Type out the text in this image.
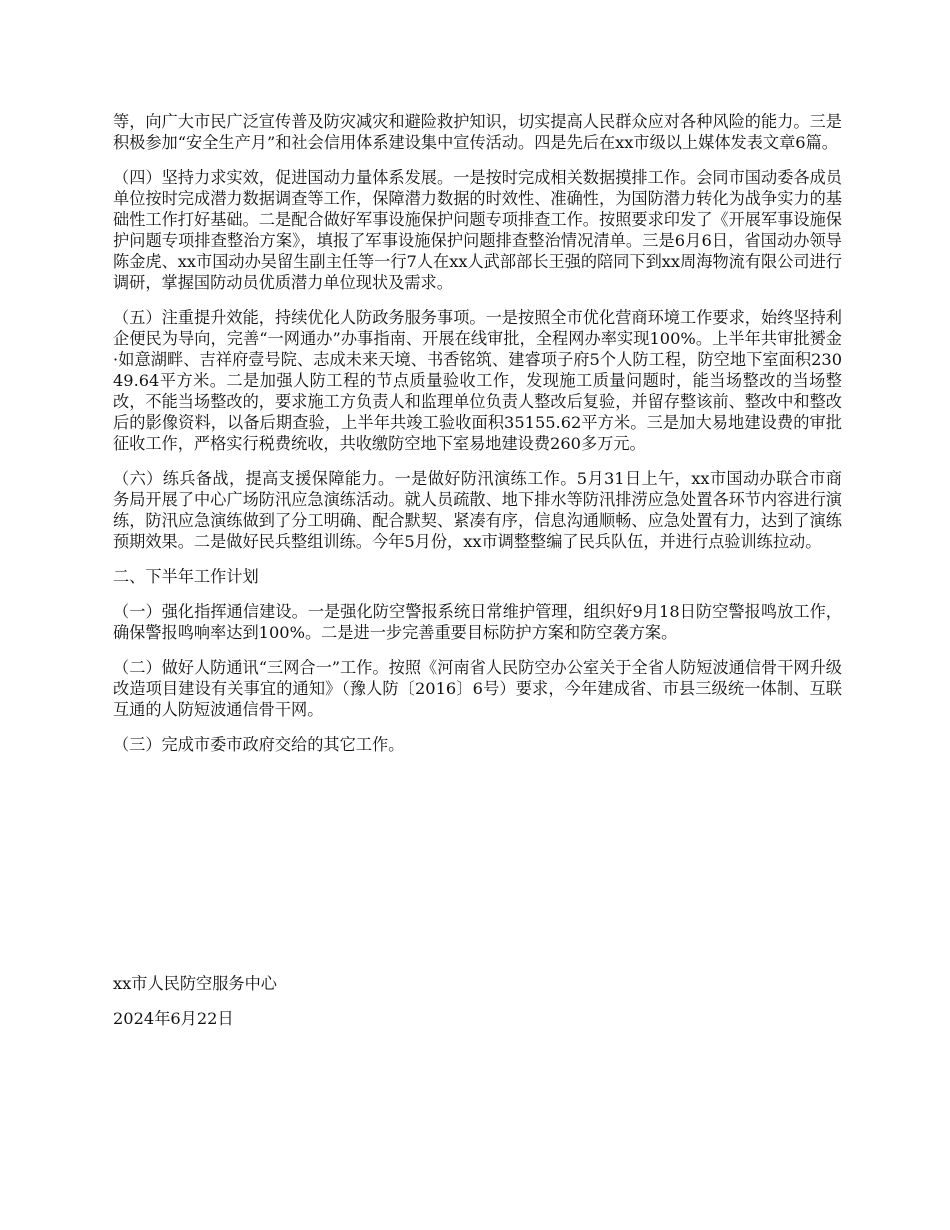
等，向广大市民广泛宣传普及防灾减灾和避险救护知识，切实提高人民群众应对各种风险的能力。三是积极参加“安全生产月”和社会信用体系建设集中宣传活动。四是先后在xx市级以上媒体发表文章6篇。

（四）坚持力求实效，促进国动力量体系发展。一是按时完成相关数据摸排工作。会同市国动委各成员单位按时完成潜力数据调查等工作，保障潜力数据的时效性、准确性，为国防潜力转化为战争实力的基础性工作打好基础。二是配合做好军事设施保护问题专项排查工作。按照要求印发了《开展军事设施保护问题专项排查整治方案》，填报了军事设施保护问题排查整治情况清单。三是6月6日，省国动办领导陈金虎、xx市国动办吴留生副主任等一行7人在xx人武部部长王强的陪同下到xx周海物流有限公司进行调研，掌握国防动员优质潜力单位现状及需求。

（五）注重提升效能，持续优化人防政务服务事项。一是按照全市优化营商环境工作要求，始终坚持利企便民为导向，完善“一网通办”办事指南、开展在线审批，全程网办率实现100%。上半年共审批赟金·如意湖畔、吉祥府壹号院、志成未来天境、书香铭筑、建睿项子府5个人防工程，防空地下室面积23049.64平方米。二是加强人防工程的节点质量验收工作，发现施工质量问题时，能当场整改的当场整改，不能当场整改的，要求施工方负责人和监理单位负责人整改后复验，并留存整该前、整改中和整改后的影像资料，以备后期查验，上半年共竣工验收面积35155.62平方米。三是加大易地建设费的审批征收工作，严格实行税费统收，共收缴防空地下室易地建设费260多万元。

（六）练兵备战，提高支援保障能力。一是做好防汛演练工作。5月31日上午，xx市国动办联合市商务局开展了中心广场防汛应急演练活动。就人员疏散、地下排水等防汛排涝应急处置各环节内容进行演练，防汛应急演练做到了分工明确、配合默契、紧凑有序，信息沟通顺畅、应急处置有力，达到了演练预期效果。二是做好民兵整组训练。今年5月份，xx市调整整编了民兵队伍，并进行点验训练拉动。

二、下半年工作计划

（一）强化指挥通信建设。一是强化防空警报系统日常维护管理，组织好9月18日防空警报鸣放工作，确保警报鸣响率达到100%。二是进一步完善重要目标防护方案和防空袭方案。

（二）做好人防通讯“三网合一”工作。按照《河南省人民防空办公室关于全省人防短波通信骨干网升级改造项目建设有关事宜的通知》（豫人防〔2016〕6号）要求，今年建成省、市县三级统一体制、互联互通的人防短波通信骨干网。

（三）完成市委市政府交给的其它工作。

xx市人民防空服务中心

2024年6月22日
